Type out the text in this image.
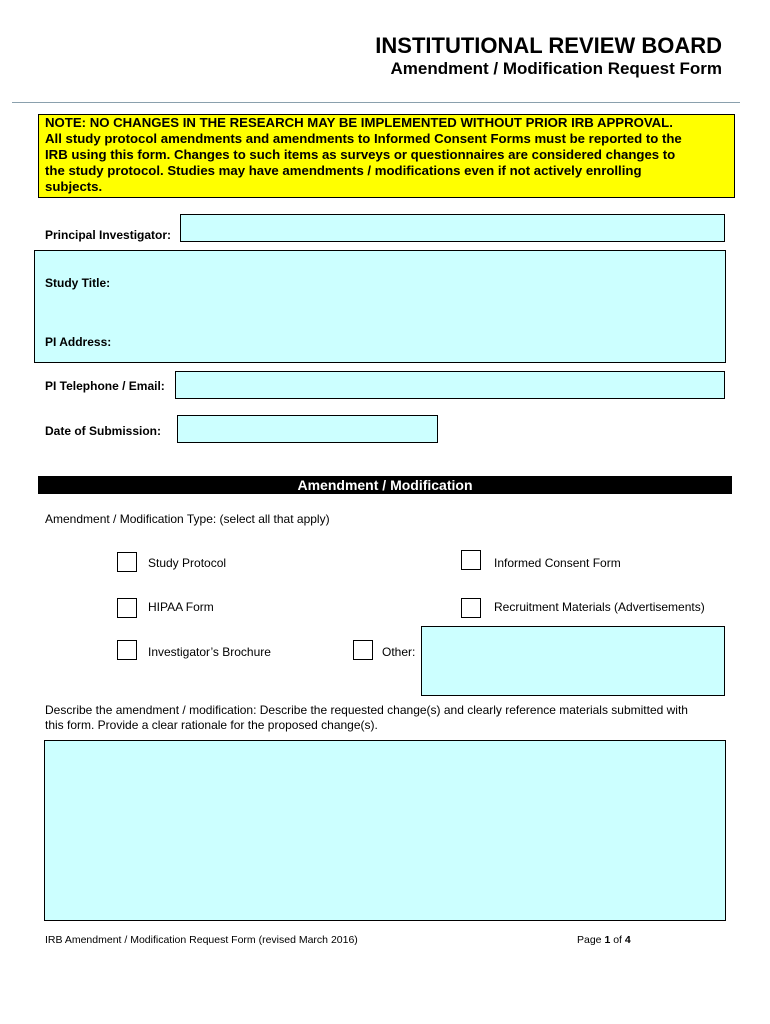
INSTITUTIONAL REVIEW BOARD
Amendment / Modification Request Form

NOTE: NO CHANGES IN THE RESEARCH MAY BE IMPLEMENTED WITHOUT PRIOR IRB APPROVAL.

All study protocol amendments and amendments to Informed Consent Forms must be reported to the

IRB using this form. Changes to such items as surveys or questionnaires are considered changes to

the study protocol. Studies may have amendments / modifications even if not actively enrolling

subjects.

Principal Investigator:
Study Title:
PI Address:
PI Telephone / Email:
Date of Submission:
Amendment / Modification
Amendment / Modification Type: (select all that apply)
Study Protocol	Informed Consent Form
HIPAA Form	Recruitment Materials (Advertisements)
Investigator’s Brochure	Other:
Describe the amendment / modification: Describe the requested change(s) and clearly reference materials submitted with
this form. Provide a clear rationale for the proposed change(s).
IRB Amendment / Modification Request Form (revised March 2016)	Page 1 of 4
